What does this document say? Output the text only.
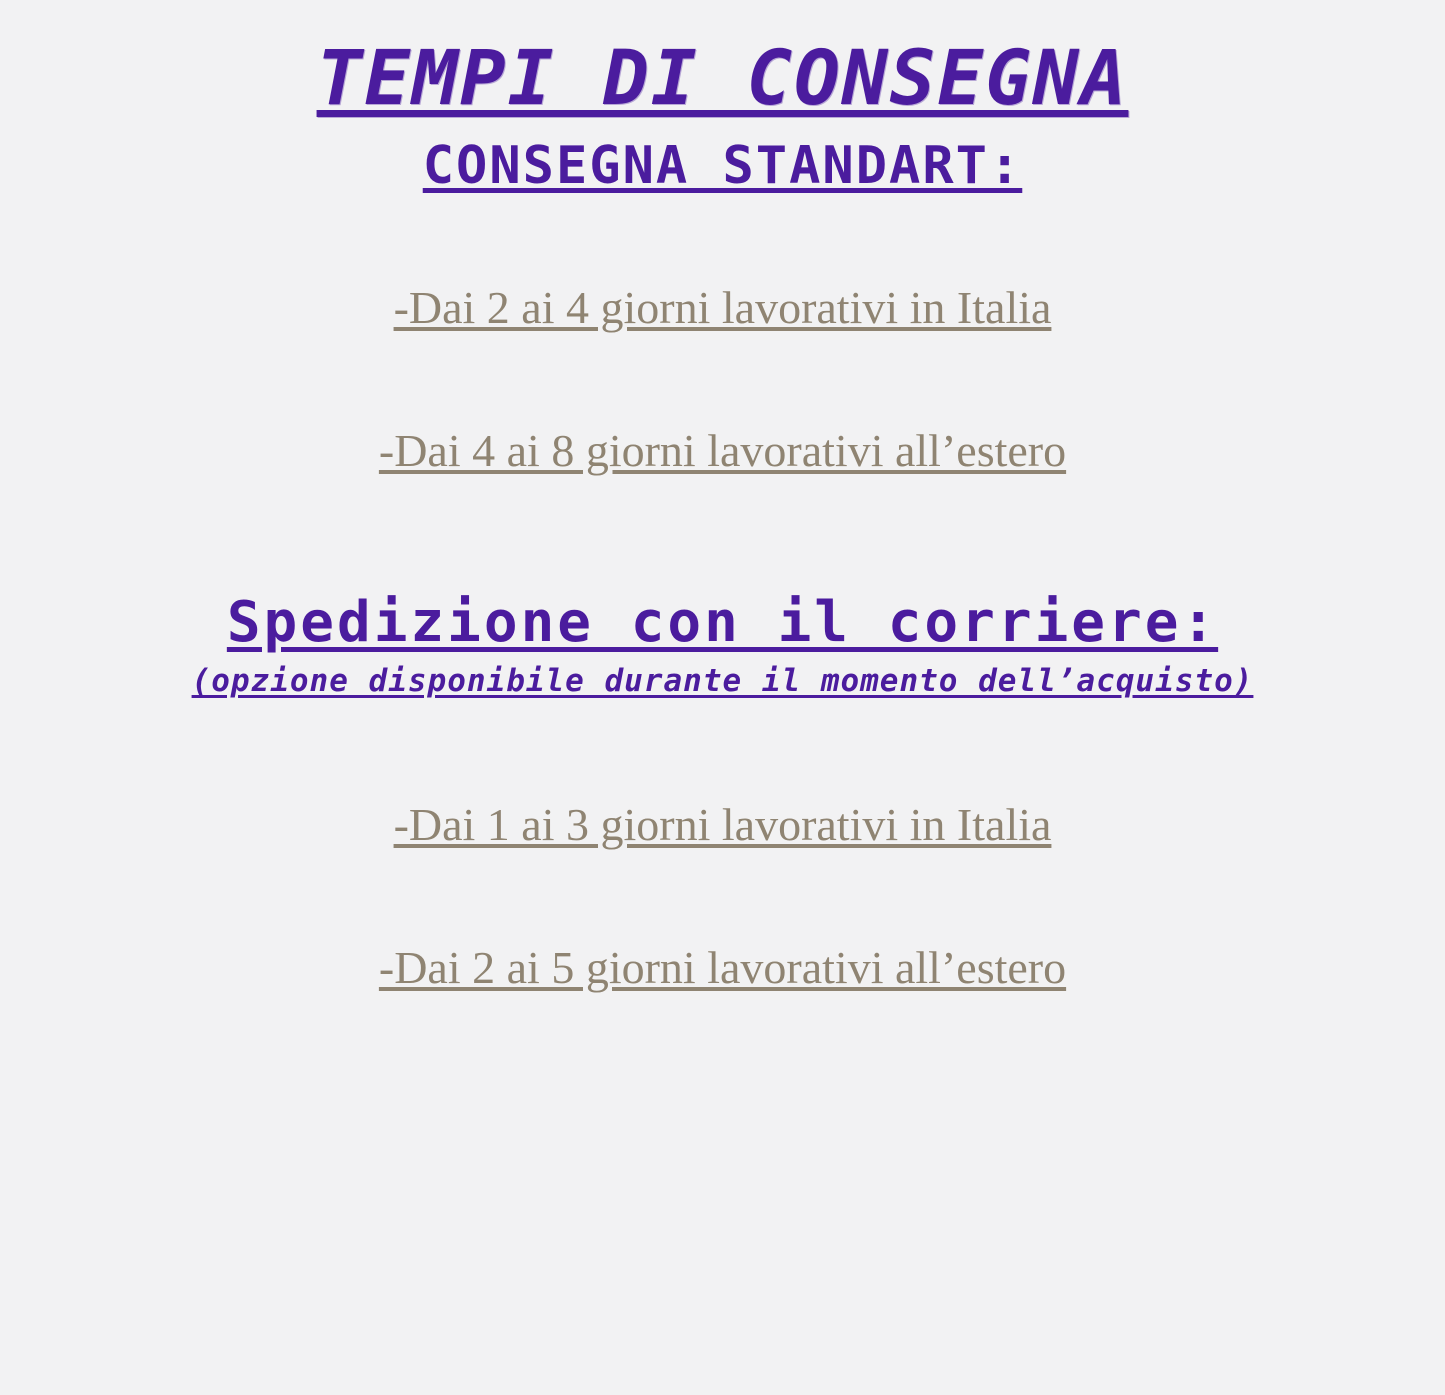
TEMPI DI CONSEGNA
CONSEGNA STANDART:

-Dai 2 ai 4 giorni lavorativi in Italia

-Dai 4 ai 8 giorni lavorativi all’estero

Spedizione con il corriere:

(opzione disponibile durante il momento dell’acquisto)

-Dai 1 ai 3 giorni lavorativi in Italia

-Dai 2 ai 5 giorni lavorativi all’estero
